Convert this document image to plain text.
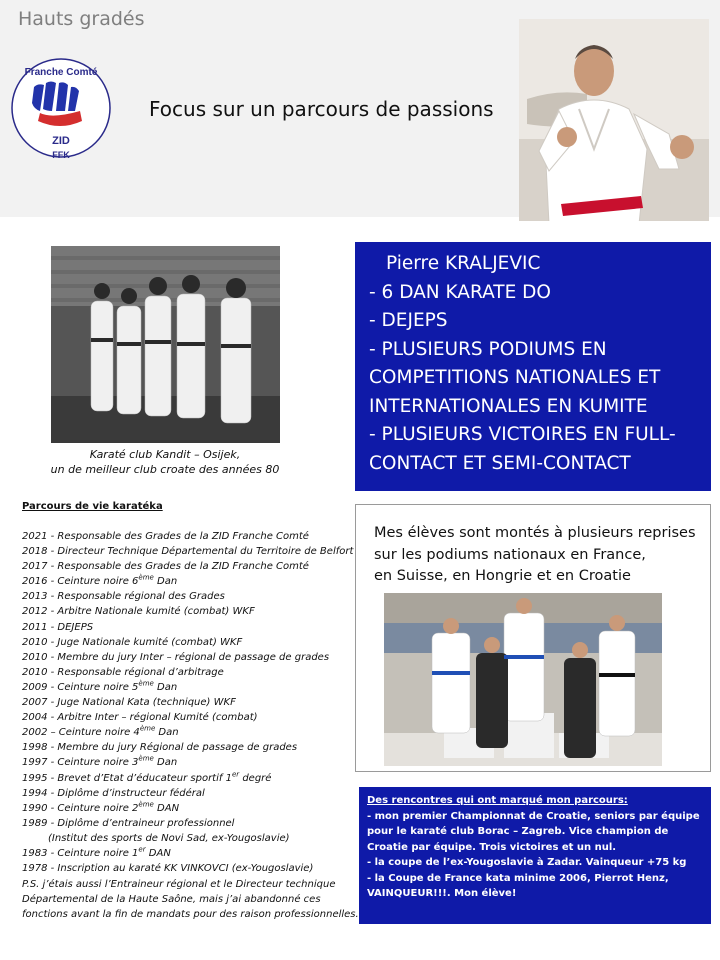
Hauts gradés
Franche Comté
ZID
FFK
Focus sur un parcours de passions
Karaté club Kandit – Osijek,
un de meilleur club croate des années 80
Pierre KRALJEVIC
- 6 DAN KARATE DO
- DEJEPS
- PLUSIEURS PODIUMS EN
COMPETITIONS NATIONALES ET
INTERNATIONALES EN KUMITE
- PLUSIEURS VICTOIRES EN FULL-
CONTACT ET SEMI-CONTACT
Mes élèves sont montés à plusieurs reprises
sur les podiums nationaux en France,
en Suisse, en Hongrie et en Croatie
Parcours de vie karatéka
2021 - Responsable des Grades de la ZID Franche Comté
2018 - Directeur Technique Départemental du Territoire de Belfort
2017 - Responsable des Grades de la ZID Franche Comté
2016 - Ceinture noire 6ème Dan
2013 - Responsable régional des Grades
2012 - Arbitre Nationale kumité (combat) WKF
2011 - DEJEPS
2010 - Juge Nationale kumité (combat) WKF
2010 - Membre du jury Inter – régional de passage de grades
2010 - Responsable régional d’arbitrage
2009 - Ceinture noire 5ème Dan
2007 - Juge National Kata (technique) WKF
2004 - Arbitre Inter – régional Kumité (combat)
2002 – Ceinture noire 4ème Dan
1998 - Membre du jury Régional de passage de grades
1997 - Ceinture noire 3ème Dan
1995 - Brevet d’Etat d’éducateur sportif 1er degré
1994 - Diplôme d’instructeur fédéral
1990 - Ceinture noire 2ème DAN
1989 - Diplôme d’entraineur professionnel
(Institut des sports de Novi Sad, ex-Yougoslavie)
1983 - Ceinture noire 1er DAN
1978 - Inscription au karaté KK VINKOVCI (ex-Yougoslavie)
P.S. j’étais aussi l’Entraineur régional et le Directeur technique
Départemental de la Haute Saône, mais j’ai abandonné ces
fonctions avant la fin de mandats pour des raison professionnelles.
Des rencontres qui ont marqué mon parcours:
- mon premier Championnat de Croatie, seniors par équipe
pour le karaté club Borac – Zagreb. Vice champion de
Croatie par équipe. Trois victoires et un nul.
- la coupe de l’ex-Yougoslavie à Zadar. Vainqueur +75 kg
- la Coupe de France kata minime 2006, Pierrot Henz,
VAINQUEUR!!!. Mon élève!
